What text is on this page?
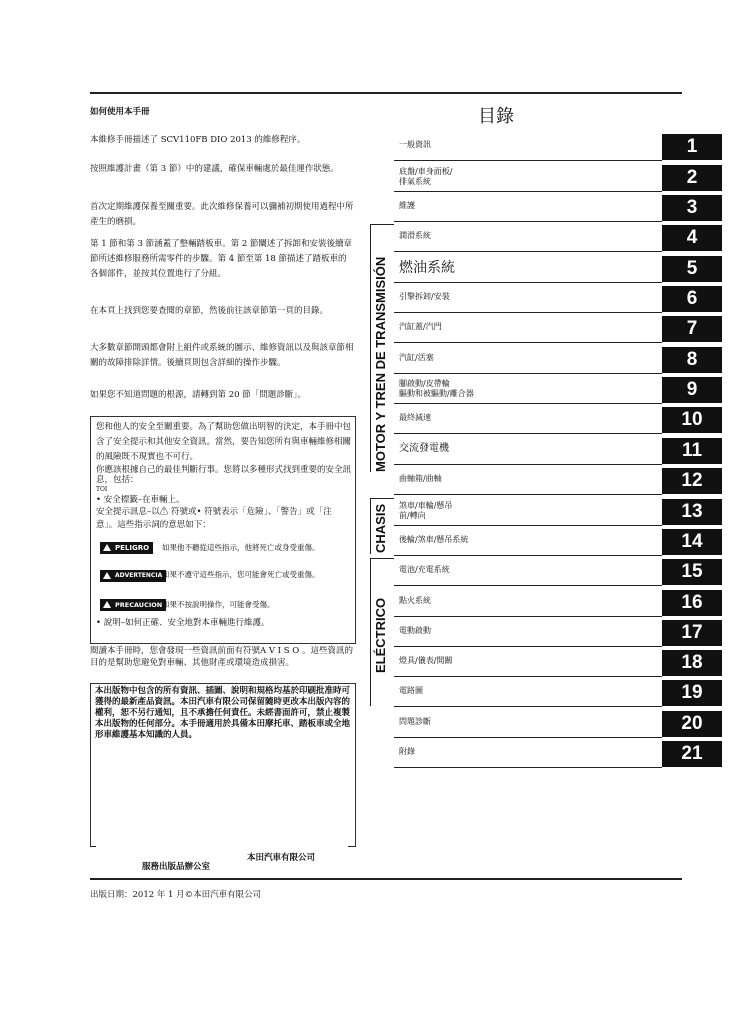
如何使用本手冊
本維修手冊描述了 SCV110FB DIO 2013 的維修程序。
按照維護計畫（第 3 節）中的建議，確保車輛處於最佳運作狀態。
首次定期維護保養至關重要。此次維修保養可以彌補初期使用過程中所產生的磨損。
第 1 節和第 3 節涵蓋了整輛踏板車。第 2 節闡述了拆卸和安裝後續章節所述維修服務所需零件的步驟。第 4 節至第 18 節描述了踏板車的各個部件，並按其位置進行了分組。
在本頁上找到您要查閱的章節，然後前往該章節第一頁的目錄。
大多數章節開頭都會附上組件或系統的圖示、維修資訊以及與該章節相關的故障排除詳情。後續頁則包含詳細的操作步驟。
如果您不知道問題的根源，請轉到第 20 節「問題診斷」。
您和他人的安全至關重要。為了幫助您做出明智的決定，本手冊中包含了安全提示和其他安全資訊。當然，要告知您所有與車輛維修相關的風險既不現實也不可行。
你應該根據自己的最佳判斷行事。您將以多種形式找到重要的安全訊息，包括：
TOI
• 安全標籤–在車輛上。
安全提示訊息–以⚠ 符號或• 符號表示「危險」、「警告」或「注意」。這些指示詞的意思如下：
PELIGRO	如果他不聽從這些指示，他將死亡或身受重傷。
ADVERTENCIA 如果不遵守這些指示，您可能會死亡或受重傷。
PRECAUCION 如果不按說明操作，可能會受傷。
• 說明–如何正確、安全地對本車輛進行維護。
閱讀本手冊時，您會發現一些資訊前面有符號A V I S O 。這些資訊的目的是幫助您避免對車輛、其他財產或環境造成損害。
本出版物中包含的所有資訊、插圖、說明和規格均基於印刷批准時可獲得的最新產品資訊。本田汽車有限公司保留隨時更改本出版內容的權利，恕不另行通知，且不承擔任何責任。未經書面許可，禁止複製本出版物的任何部分。本手冊適用於具備本田摩托車、踏板車或全地形車維護基本知識的人員。
本田汽車有限公司
服務出版品辦公室
出版日期：2012 年 1 月©本田汽車有限公司
目錄
MOTOR Y TREN DE TRANSMISIÓN
CHASIS
ELÉCTRICO
一般資訊	1
底盤/車身面板/
排氣系統	2
維護	3
潤滑系統	4
燃油系統	5
引擎拆卸/安裝	6
汽缸蓋/汽門	7
汽缸/活塞	8
腳啟動/皮帶輪
驅動和被驅動/離合器	9
最終減速	10
交流發電機	11
曲軸箱/曲軸	12
煞車/車輪/懸吊
前/轉向	13
後輪/煞車/懸吊系統	14
電池/充電系統	15
點火系統	16
電動啟動	17
燈具/儀表/開關	18
電路圖	19
問題診斷	20
附錄	21
